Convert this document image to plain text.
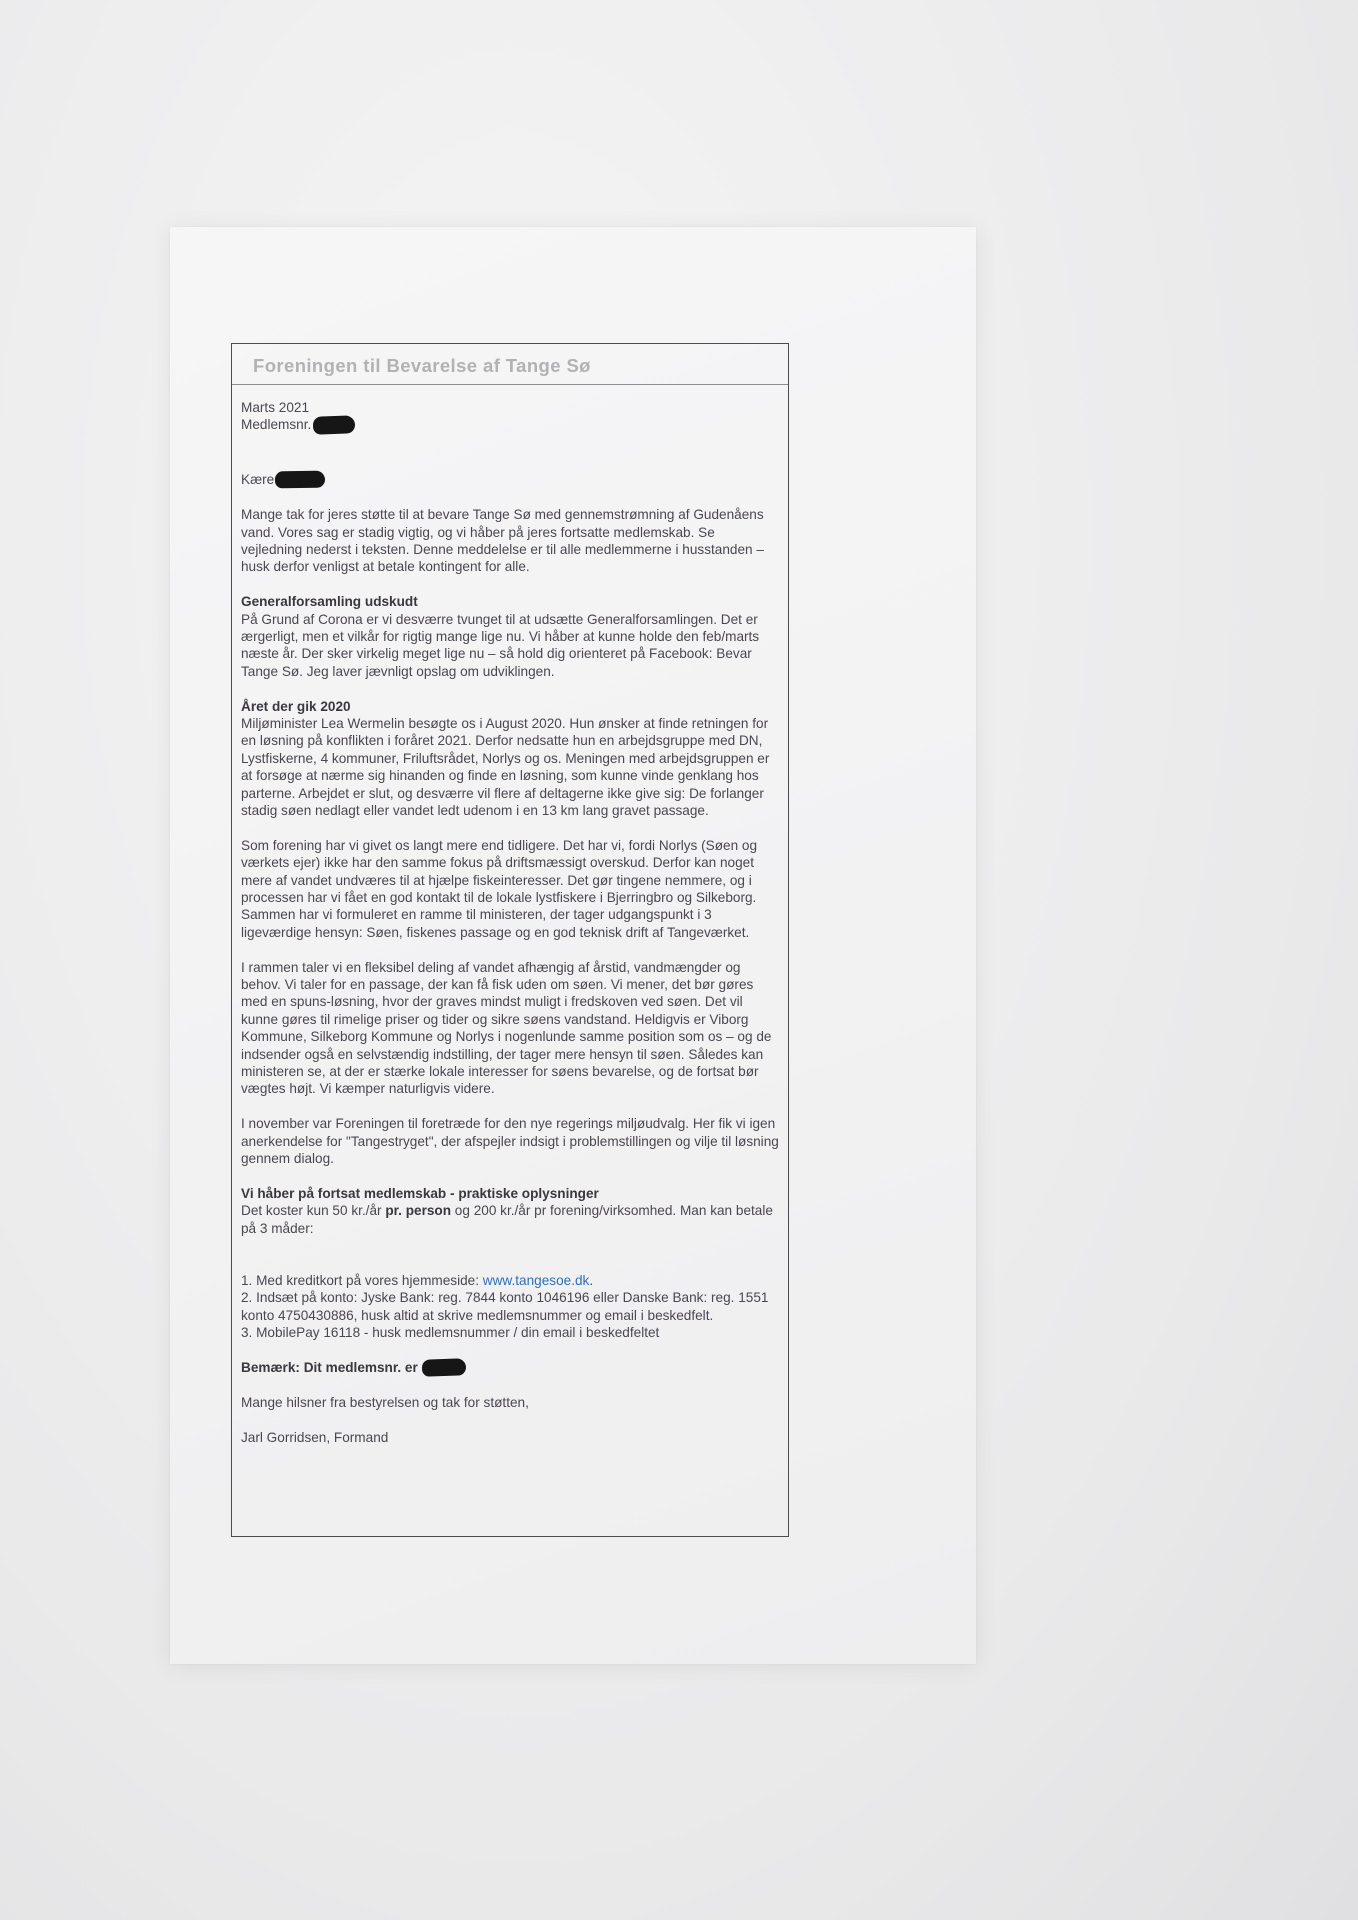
Foreningen til Bevarelse af Tange Sø

Marts 2021

Medlemsnr.

Kære

Mange tak for jeres støtte til at bevare Tange Sø med gennemstrømning af Gudenåens vand. Vores sag er stadig vigtig, og vi håber på jeres fortsatte medlemskab. Se vejledning nederst i teksten. Denne meddelelse er til alle medlemmerne i husstanden – husk derfor venligst at betale kontingent for alle.

Generalforsamling udskudt

På Grund af Corona er vi desværre tvunget til at udsætte Generalforsamlingen. Det er ærgerligt, men et vilkår for rigtig mange lige nu. Vi håber at kunne holde den feb/marts næste år. Der sker virkelig meget lige nu – så hold dig orienteret på Facebook: Bevar Tange Sø. Jeg laver jævnligt opslag om udviklingen.

Året der gik 2020

Miljøminister Lea Wermelin besøgte os i August 2020. Hun ønsker at finde retningen for en løsning på konflikten i foråret 2021. Derfor nedsatte hun en arbejdsgruppe med DN, Lystfiskerne, 4 kommuner, Friluftsrådet, Norlys og os. Meningen med arbejdsgruppen er at forsøge at nærme sig hinanden og finde en løsning, som kunne vinde genklang hos parterne. Arbejdet er slut, og desværre vil flere af deltagerne ikke give sig: De forlanger stadig søen nedlagt eller vandet ledt udenom i en 13 km lang gravet passage.

Som forening har vi givet os langt mere end tidligere. Det har vi, fordi Norlys (Søen og værkets ejer) ikke har den samme fokus på driftsmæssigt overskud. Derfor kan noget mere af vandet undværes til at hjælpe fiskeinteresser. Det gør tingene nemmere, og i processen har vi fået en god kontakt til de lokale lystfiskere i Bjerringbro og Silkeborg. Sammen har vi formuleret en ramme til ministeren, der tager udgangspunkt i 3 ligeværdige hensyn: Søen, fiskenes passage og en god teknisk drift af Tangeværket.

I rammen taler vi en fleksibel deling af vandet afhængig af årstid, vandmængder og behov. Vi taler for en passage, der kan få fisk uden om søen. Vi mener, det bør gøres med en spuns-løsning, hvor der graves mindst muligt i fredskoven ved søen. Det vil kunne gøres til rimelige priser og tider og sikre søens vandstand. Heldigvis er Viborg Kommune, Silkeborg Kommune og Norlys i nogenlunde samme position som os – og de indsender også en selvstændig indstilling, der tager mere hensyn til søen. Således kan ministeren se, at der er stærke lokale interesser for søens bevarelse, og de fortsat bør vægtes højt. Vi kæmper naturligvis videre.

I november var Foreningen til foretræde for den nye regerings miljøudvalg. Her fik vi igen anerkendelse for "Tangestryget", der afspejler indsigt i problemstillingen og vilje til løsning gennem dialog.

Vi håber på fortsat medlemskab - praktiske oplysninger

Det koster kun 50 kr./år pr. person og 200 kr./år pr forening/virksomhed. Man kan betale på 3 måder:

1. Med kreditkort på vores hjemmeside: www.tangesoe.dk.

2. Indsæt på konto: Jyske Bank: reg. 7844 konto 1046196 eller Danske Bank: reg. 1551 konto 4750430886, husk altid at skrive medlemsnummer og email i beskedfelt.

3. MobilePay 16118 - husk medlemsnummer / din email i beskedfeltet

Bemærk: Dit medlemsnr. er

Mange hilsner fra bestyrelsen og tak for støtten,

Jarl Gorridsen, Formand
